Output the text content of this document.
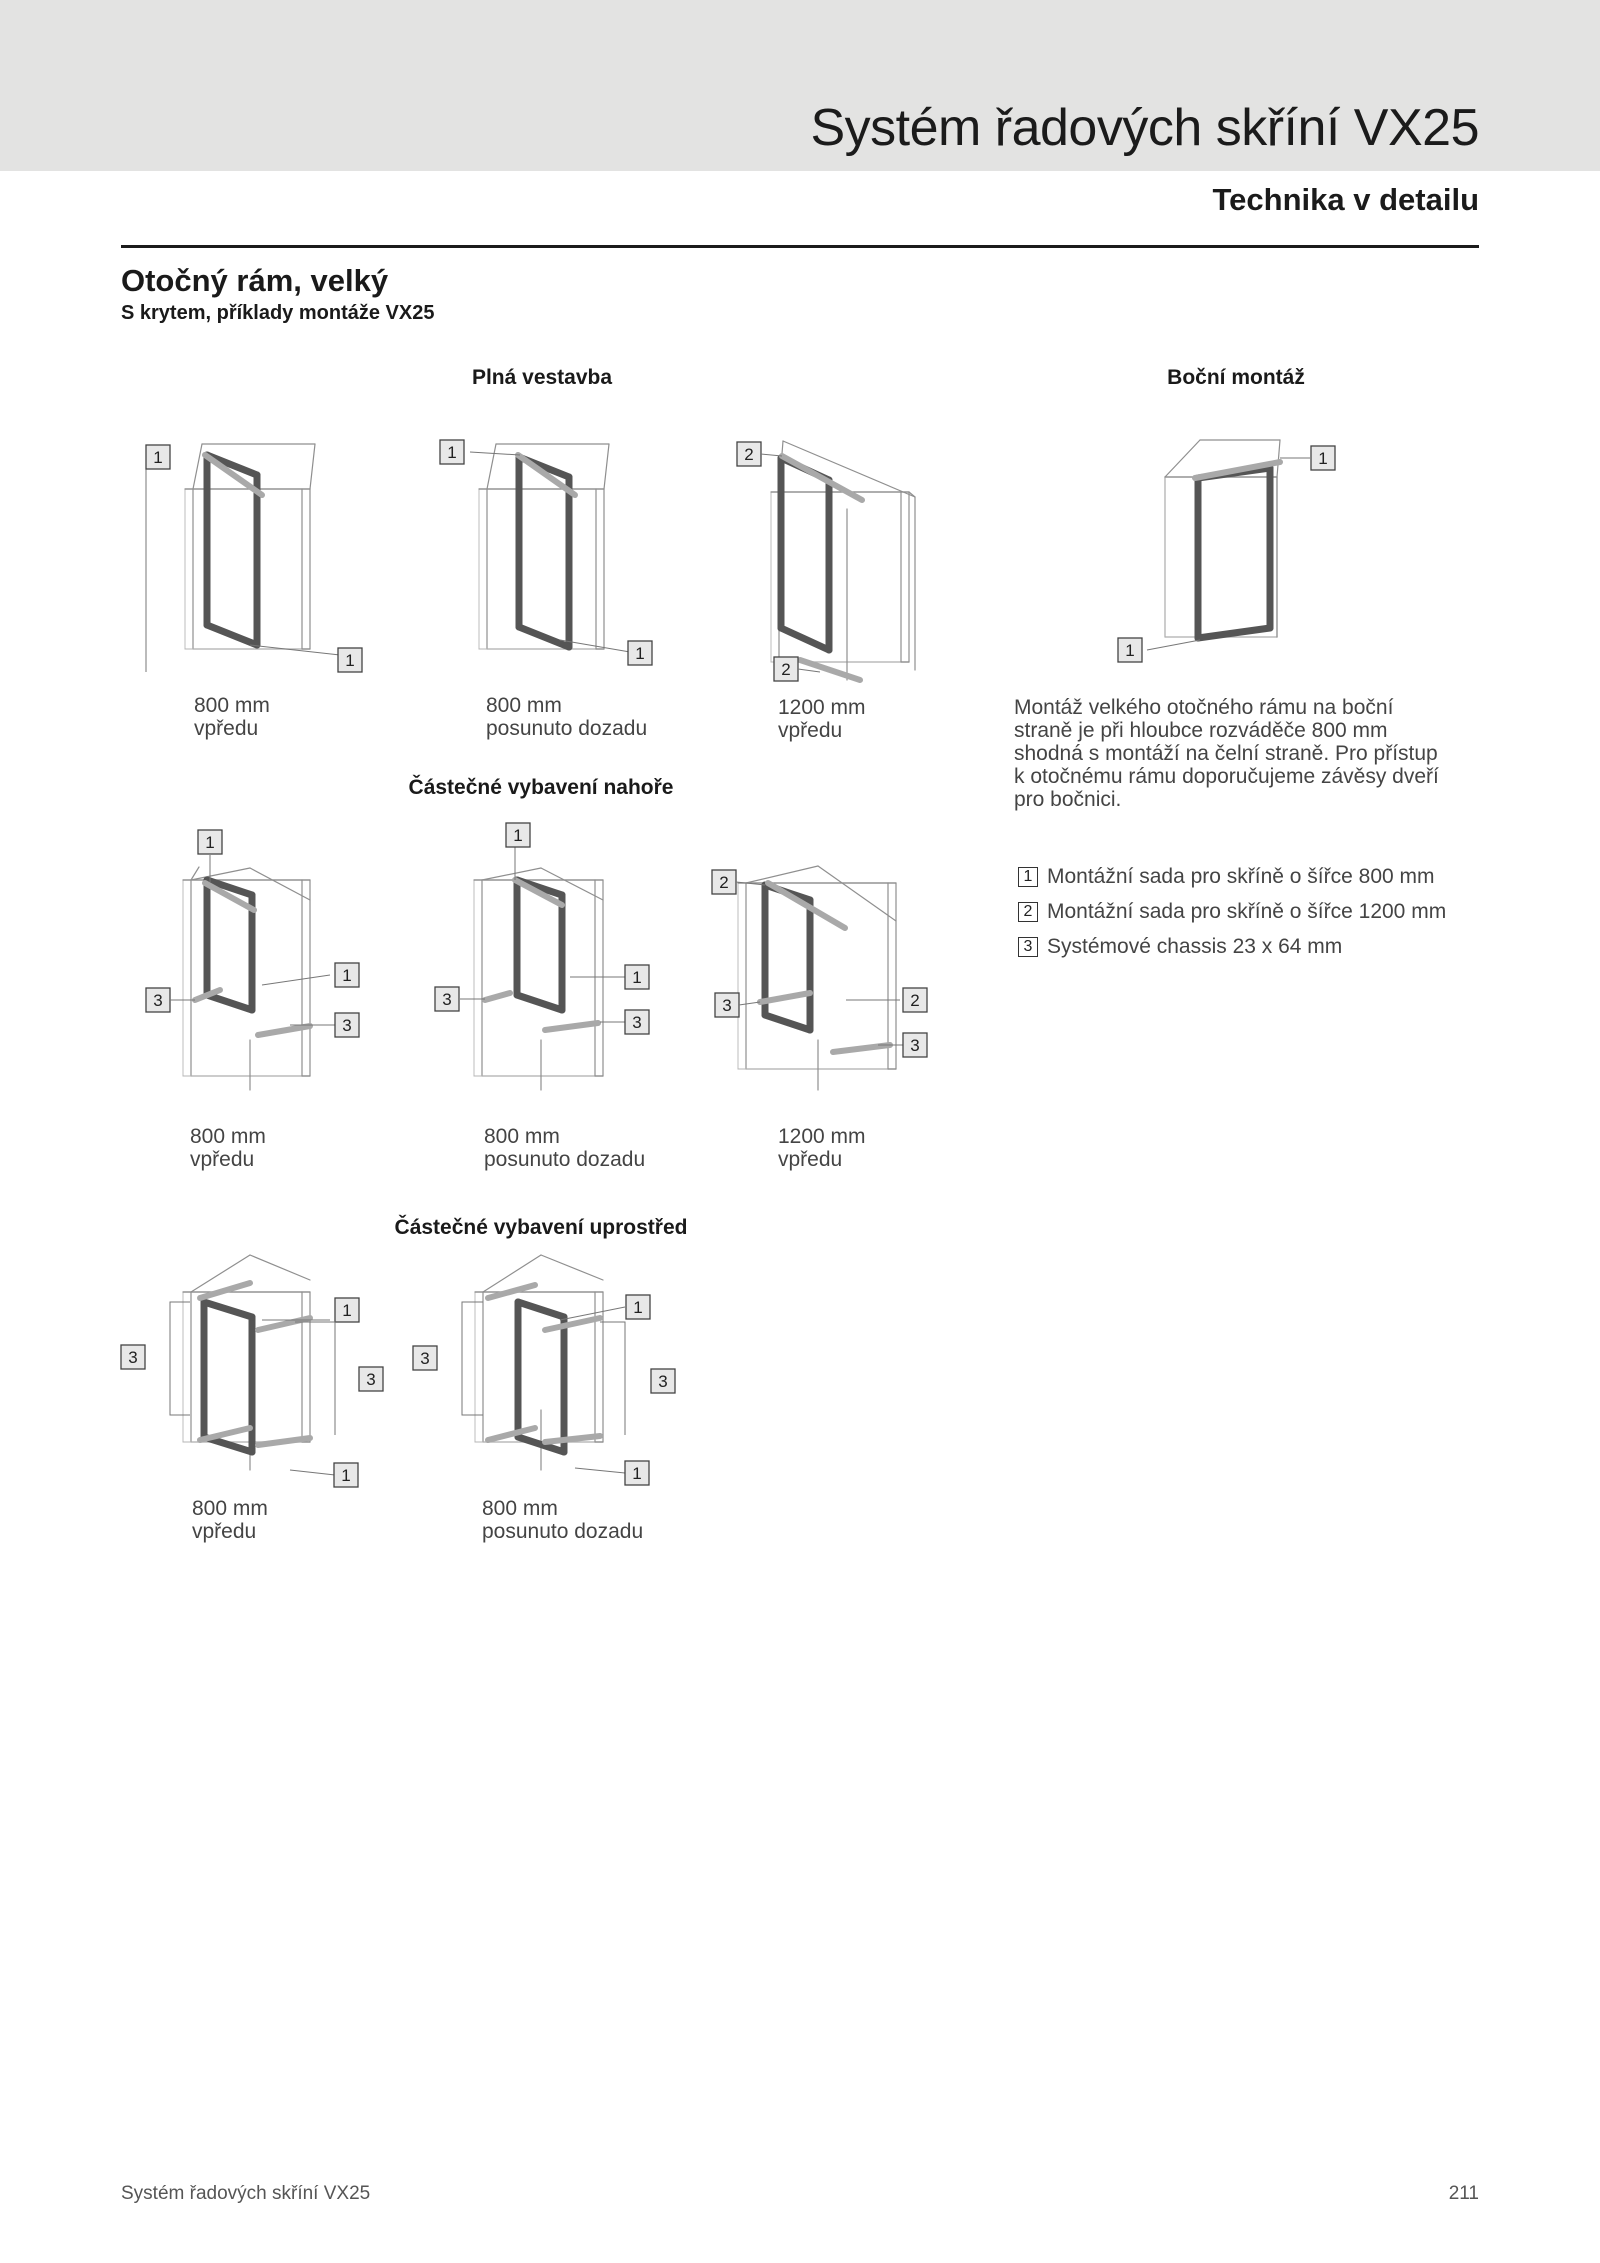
Systém řadových skříní VX25
Technika v detailu
Otočný rám, velký
S krytem, příklady montáže VX25
Plná vestavba	Boční montáž
Částečné vybavení nahoře
Částečné vybavení uprostřed
1
1
1
1
2
2
1
1
1
3
1
3
1
3
1
3
2
3	2
3
3
1
3
1
3
1
3
1
800 mm
vpředu
800 mm
posunuto dozadu
1200 mm
vpředu
800 mm
vpředu
800 mm
posunuto dozadu
1200 mm
vpředu
800 mm
vpředu
800 mm
posunuto dozadu
Montáž velkého otočného rámu na boční
straně je při hloubce rozváděče 800 mm
shodná s montáží na čelní straně. Pro přístup
k otočnému rámu doporučujeme závěsy dveří
pro bočnici.
1 Montážní sada pro skříně o šířce 800 mm
2 Montážní sada pro skříně o šířce 1200 mm
3 Systémové chassis 23 x 64 mm
Systém řadových skříní VX25	211
